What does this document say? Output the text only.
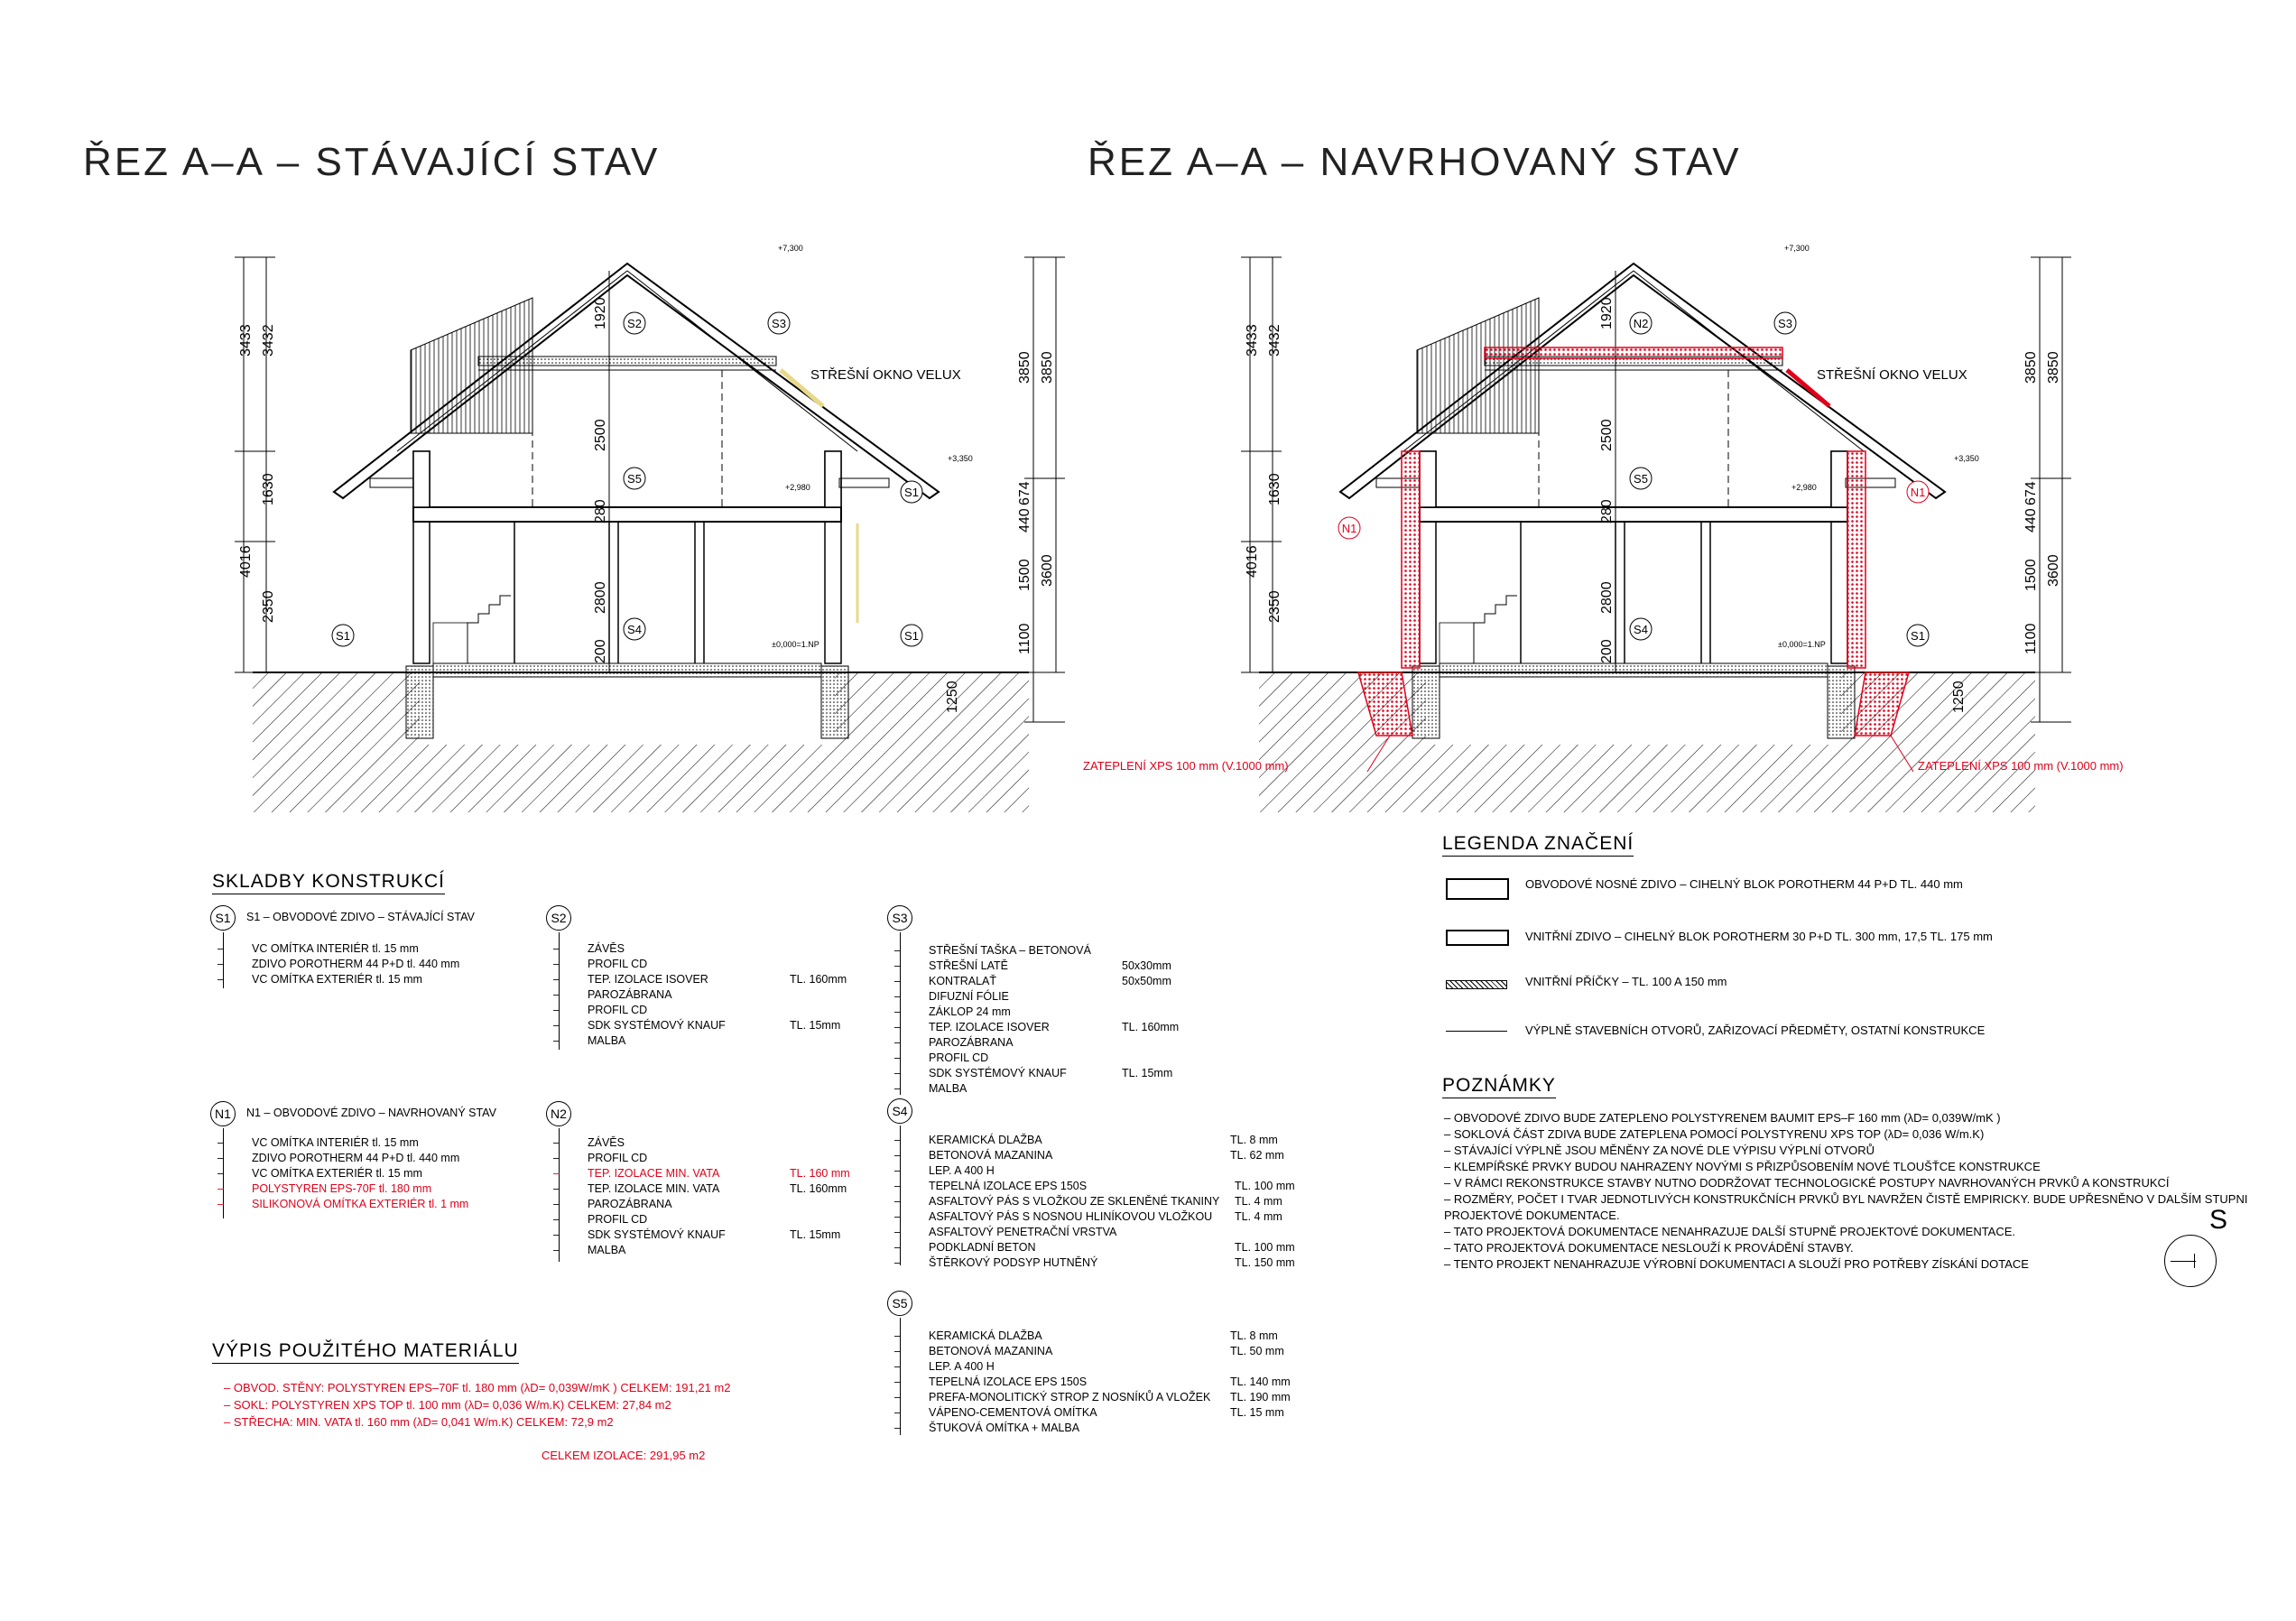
ŘEZ A–A – STÁVAJÍCÍ STAV	ŘEZ A–A – NAVRHOVANÝ STAV
3433
4016
3432
1630
2350
1920
2500
280
2800
200
674
440
1500
1100
3850
3600
1250
3850
3433
4016
3432
1630
2350
1920
2500
280
2800
200
674
440
1500
1100
3850
3600
1250
3850
+7,300
+3,350
+2,980
±0,000=1.NP
+7,300
+3,350
+2,980
±0,000=1.NP
STŘEŠNÍ OKNO VELUX	STŘEŠNÍ OKNO VELUX
ZATEPLENÍ XPS 100 mm (V.1000 mm)	ZATEPLENÍ XPS 100 mm (V.1000 mm)
S2	S3
S5
S1
S1	S4	S1
N2	S3
S5
N1
N1
S4	S1
SKLADBY KONSTRUKCÍ
S1	S1 – OBVODOVÉ ZDIVO – STÁVAJÍCÍ STAV
VC OMÍTKA INTERIÉR tl. 15 mm
ZDIVO POROTHERM 44 P+D tl. 440 mm
VC OMÍTKA EXTERIÉR tl. 15 mm
S2
ZÁVĚS
PROFIL CD
TEP. IZOLACE ISOVER	TL. 160mm
PAROZÁBRANA
PROFIL CD
SDK SYSTÉMOVÝ KNAUF	TL. 15mm
MALBA
S3
STŘEŠNÍ TAŠKA – BETONOVÁ
STŘEŠNÍ LATĚ	50x30mm
KONTRALAŤ	50x50mm
DIFUZNÍ FÓLIE
ZÁKLOP 24 mm
TEP. IZOLACE ISOVER	TL. 160mm
PAROZÁBRANA
PROFIL CD
SDK SYSTÉMOVÝ KNAUF	TL. 15mm
MALBA
N1	N1 – OBVODOVÉ ZDIVO – NAVRHOVANÝ STAV
VC OMÍTKA INTERIÉR tl. 15 mm
ZDIVO POROTHERM 44 P+D tl. 440 mm
VC OMÍTKA EXTERIÉR tl. 15 mm
POLYSTYREN EPS-70F tl. 180 mm
SILIKONOVÁ OMÍTKA EXTERIÉR tl. 1 mm
N2
ZÁVĚS
PROFIL CD
TEP. IZOLACE MIN. VATA	TL. 160 mm
TEP. IZOLACE MIN. VATA	TL. 160mm
PAROZÁBRANA
PROFIL CD
SDK SYSTÉMOVÝ KNAUF	TL. 15mm
MALBA
S4
KERAMICKÁ DLAŽBA	TL. 8 mm
BETONOVÁ MAZANINA	TL. 62 mm
LEP. A 400 H
TEPELNÁ IZOLACE EPS 150S	TL. 100 mm
ASFALTOVÝ PÁS S VLOŽKOU ZE SKLENĚNÉ TKANINY TL. 4 mm
ASFALTOVÝ PÁS S NOSNOU HLINÍKOVOU VLOŽKOU TL. 4 mm
ASFALTOVÝ PENETRAČNÍ VRSTVA
PODKLADNÍ BETON	TL. 100 mm
ŠTĚRKOVÝ PODSYP HUTNĚNÝ	TL. 150 mm
S5
KERAMICKÁ DLAŽBA	TL. 8 mm
BETONOVÁ MAZANINA	TL. 50 mm
LEP. A 400 H
TEPELNÁ IZOLACE EPS 150S	TL. 140 mm
PREFA-MONOLITICKÝ STROP Z NOSNÍKŮ A VLOŽEK TL. 190 mm
VÁPENO-CEMENTOVÁ OMÍTKA	TL. 15 mm
ŠTUKOVÁ OMÍTKA + MALBA
VÝPIS POUŽITÉHO MATERIÁLU
– OBVOD. STĚNY: POLYSTYREN EPS–70F tl. 180 mm (λD= 0,039W/mK ) CELKEM: 191,21 m2
– SOKL: POLYSTYREN XPS TOP tl. 100 mm (λD= 0,036 W/m.K) CELKEM: 27,84 m2
– STŘECHA: MIN. VATA tl. 160 mm (λD= 0,041 W/m.K) CELKEM: 72,9 m2
CELKEM IZOLACE: 291,95 m2
LEGENDA ZNAČENÍ
OBVODOVÉ NOSNÉ ZDIVO – CIHELNÝ BLOK POROTHERM 44 P+D TL. 440 mm
VNITŘNÍ ZDIVO – CIHELNÝ BLOK POROTHERM 30 P+D TL. 300 mm, 17,5 TL. 175 mm
VNITŘNÍ PŘÍČKY – TL. 100 A 150 mm
VÝPLNĚ STAVEBNÍCH OTVORŮ, ZAŘIZOVACÍ PŘEDMĚTY, OSTATNÍ KONSTRUKCE
POZNÁMKY
– OBVODOVÉ ZDIVO BUDE ZATEPLENO POLYSTYRENEM BAUMIT EPS–F 160 mm (λD= 0,039W/mK )
– SOKLOVÁ ČÁST ZDIVA BUDE ZATEPLENA POMOCÍ POLYSTYRENU XPS TOP (λD= 0,036 W/m.K)
– STÁVAJÍCÍ VÝPLNĚ JSOU MĚNĚNY ZA NOVÉ DLE VÝPISU VÝPLNÍ OTVORŮ
– KLEMPÍŘSKÉ PRVKY BUDOU NAHRAZENY NOVÝMI S PŘIZPŮSOBENÍM NOVÉ TLOUŠŤCE KONSTRUKCE
– V RÁMCI REKONSTRUKCE STAVBY NUTNO DODRŽOVAT TECHNOLOGICKÉ POSTUPY NAVRHOVANÝCH PRVKŮ A KONSTRUKCÍ
– ROZMĚRY, POČET I TVAR JEDNOTLIVÝCH KONSTRUKČNÍCH PRVKŮ BYL NAVRŽEN ČISTĚ EMPIRICKY. BUDE UPŘESNĚNO V DALŠÍM STUPNI
PROJEKTOVÉ DOKUMENTACE.
– TATO PROJEKTOVÁ DOKUMENTACE NENAHRAZUJE DALŠÍ STUPNĚ PROJEKTOVÉ DOKUMENTACE.
– TATO PROJEKTOVÁ DOKUMENTACE NESLOUŽÍ K PROVÁDĚNÍ STAVBY.
– TENTO PROJEKT NENAHRAZUJE VÝROBNÍ DOKUMENTACI A SLOUŽÍ PRO POTŘEBY ZÍSKÁNÍ DOTACE
S
